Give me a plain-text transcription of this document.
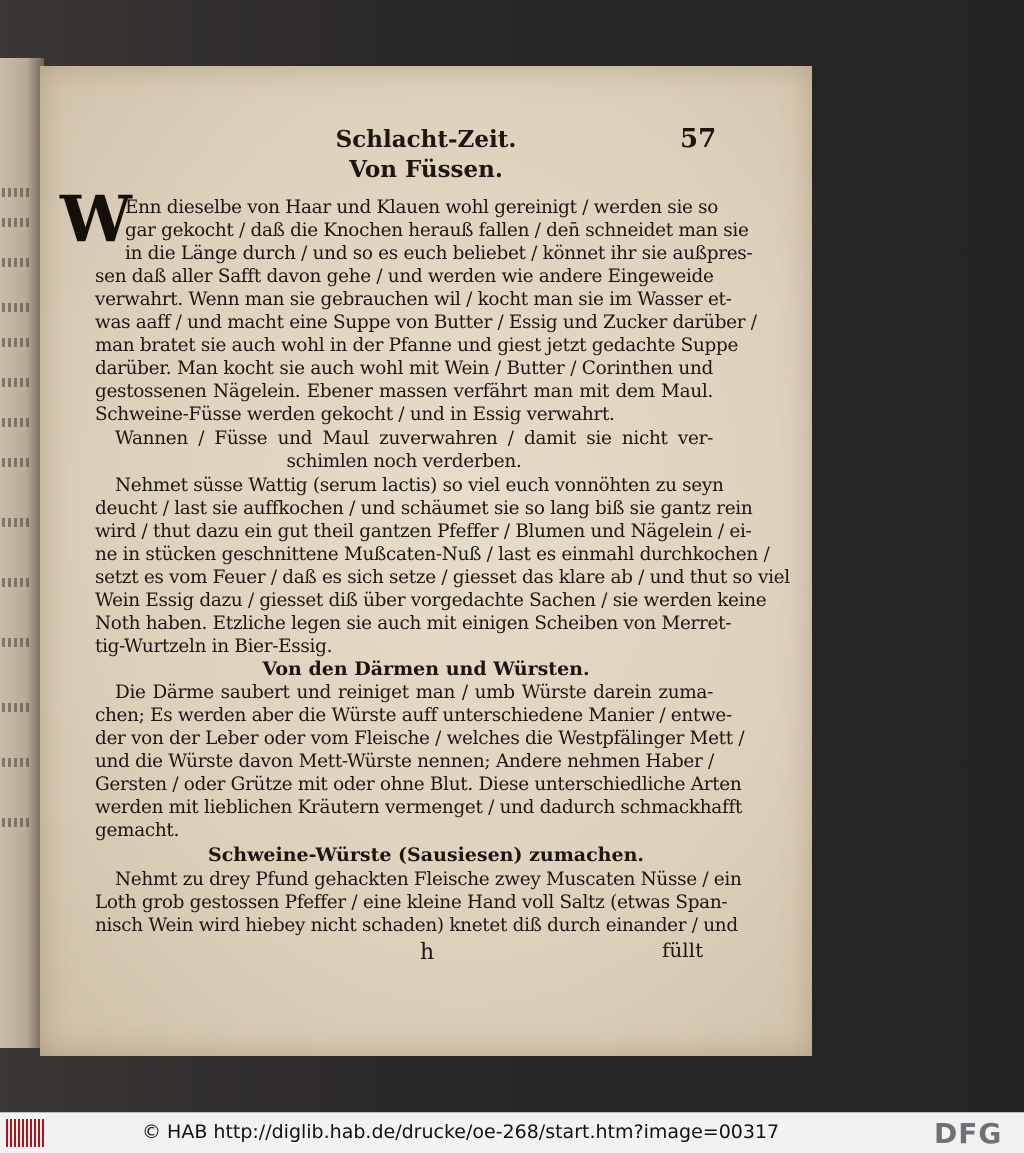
Schlacht-Zeit.	57
Von Füssen.
W
Enn dieselbe von Haar und Klauen wohl gereinigt / werden sie so
gar gekocht / daß die Knochen herauß fallen / den̄ schneidet man sie
in die Länge durch / und so es euch beliebet / könnet ihr sie außpres-
sen daß aller Safft davon gehe / und werden wie andere Eingeweide
verwahrt. Wenn man sie gebrauchen wil / kocht man sie im Wasser et-
was aaff / und macht eine Suppe von Butter / Essig und Zucker darüber /
man bratet sie auch wohl in der Pfanne und giest jetzt gedachte Suppe
darüber. Man kocht sie auch wohl mit Wein / Butter / Corinthen und
gestossenen Nägelein. Ebener massen verfährt man mit dem Maul.
Schweine-Füsse werden gekocht / und in Essig verwahrt.
Wannen / Füsse und Maul zuverwahren / damit sie nicht ver-
schimlen noch verderben.
Nehmet süsse Wattig (serum lactis) so viel euch vonnöhten zu seyn
deucht / last sie auffkochen / und schäumet sie so lang biß sie gantz rein
wird / thut dazu ein gut theil gantzen Pfeffer / Blumen und Nägelein / ei-
ne in stücken geschnittene Mußcaten-Nuß / last es einmahl durchkochen /
setzt es vom Feuer / daß es sich setze / giesset das klare ab / und thut so viel
Wein Essig dazu / giesset diß über vorgedachte Sachen / sie werden keine
Noth haben. Etzliche legen sie auch mit einigen Scheiben von Merret-
tig-Wurtzeln in Bier-Essig.
Von den Därmen und Würsten.
Die Därme saubert und reiniget man / umb Würste darein zuma-
chen; Es werden aber die Würste auff unterschiedene Manier / entwe-
der von der Leber oder vom Fleische / welches die Westpfälinger Mett /
und die Würste davon Mett-Würste nennen; Andere nehmen Haber /
Gersten / oder Grütze mit oder ohne Blut. Diese unterschiedliche Arten
werden mit lieblichen Kräutern vermenget / und dadurch schmackhafft
gemacht.
Schweine-Würste (Sausiesen) zumachen.
Nehmt zu drey Pfund gehackten Fleische zwey Muscaten Nüsse / ein
Loth grob gestossen Pfeffer / eine kleine Hand voll Saltz (etwas Span-
nisch Wein wird hiebey nicht schaden) knetet diß durch einander / und
h	füllt
© HAB http://diglib.hab.de/drucke/oe-268/start.htm?image=00317	DFG
